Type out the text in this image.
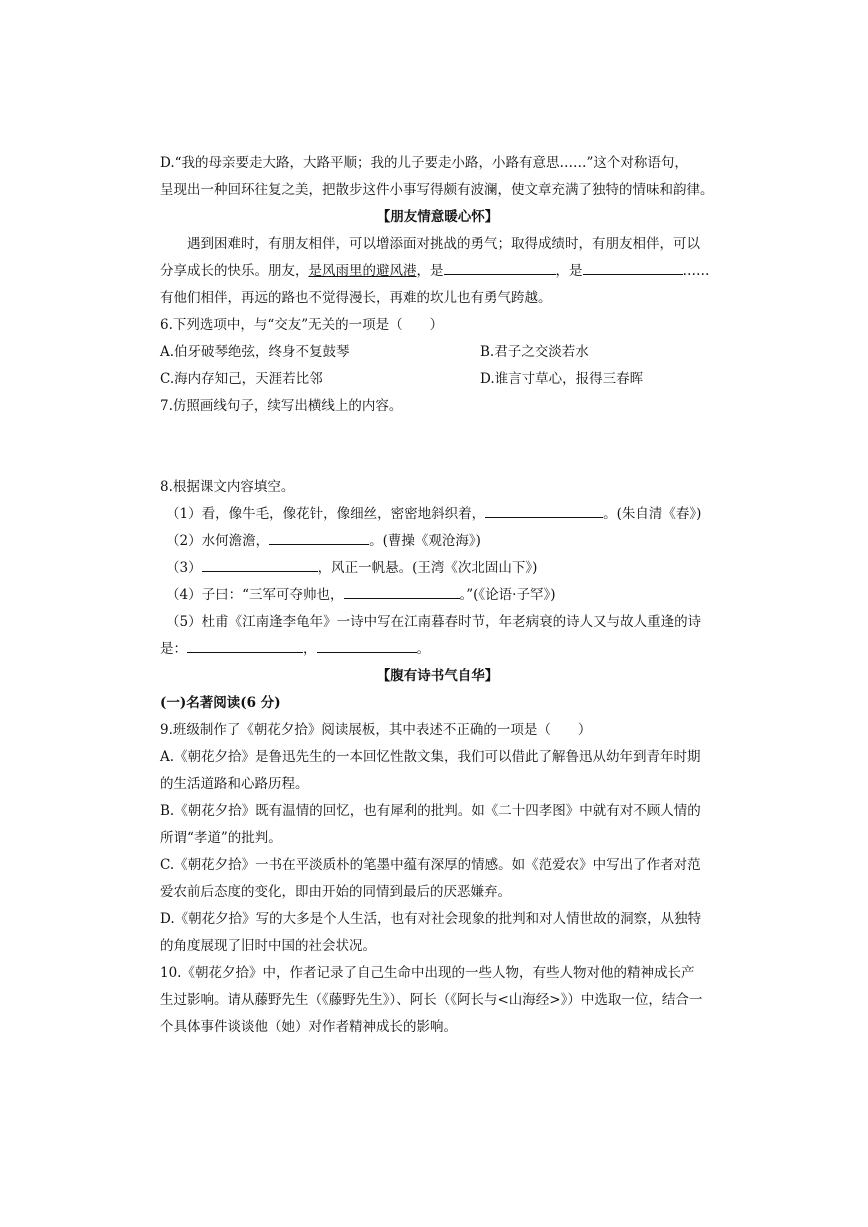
D.“我的母亲要走大路，大路平顺；我的儿子要走小路，小路有意思……”这个对称语句，
呈现出一种回环往复之美，把散步这件小事写得颇有波澜，使文章充满了独特的情味和韵律。
【朋友情意暖心怀】
遇到困难时，有朋友相伴，可以增添面对挑战的勇气；取得成绩时，有朋友相伴，可以
分享成长的快乐。朋友，是风雨里的避风港，是	，是	……
有他们相伴，再远的路也不觉得漫长，再难的坎儿也有勇气跨越。
6.下列选项中，与“交友”无关的一项是（　　）
A.伯牙破琴绝弦，终身不复鼓琴	B.君子之交淡若水
C.海内存知己，天涯若比邻	D.谁言寸草心，报得三春晖
7.仿照画线句子，续写出横线上的内容。
8.根据课文内容填空。
（1）看，像牛毛，像花针，像细丝，密密地斜织着，	。(朱自清《春》)
（2）水何澹澹，	。(曹操《观沧海》)
（3）	，风正一帆悬。(王湾《次北固山下》)
（4）子曰：“三军可夺帅也，	。”(《论语·子罕》)
（5）杜甫《江南逢李龟年》一诗中写在江南暮春时节，年老病衰的诗人又与故人重逢的诗
是：	，	。
【腹有诗书气自华】
(一)名著阅读(6 分)
9.班级制作了《朝花夕拾》阅读展板，其中表述不正确的一项是（　　）
A.《朝花夕拾》是鲁迅先生的一本回忆性散文集，我们可以借此了解鲁迅从幼年到青年时期
的生活道路和心路历程。
B.《朝花夕拾》既有温情的回忆，也有犀利的批判。如《二十四孝图》中就有对不顾人情的
所谓“孝道”的批判。
C.《朝花夕拾》一书在平淡质朴的笔墨中蕴有深厚的情感。如《范爱农》中写出了作者对范
爱农前后态度的变化，即由开始的同情到最后的厌恶嫌弃。
D.《朝花夕拾》写的大多是个人生活，也有对社会现象的批判和对人情世故的洞察，从独特
的角度展现了旧时中国的社会状况。
10.《朝花夕拾》中，作者记录了自己生命中出现的一些人物，有些人物对他的精神成长产
生过影响。请从藤野先生（《藤野先生》）、阿长（《阿长与<山海经>》）中选取一位，结合一
个具体事件谈谈他（她）对作者精神成长的影响。
